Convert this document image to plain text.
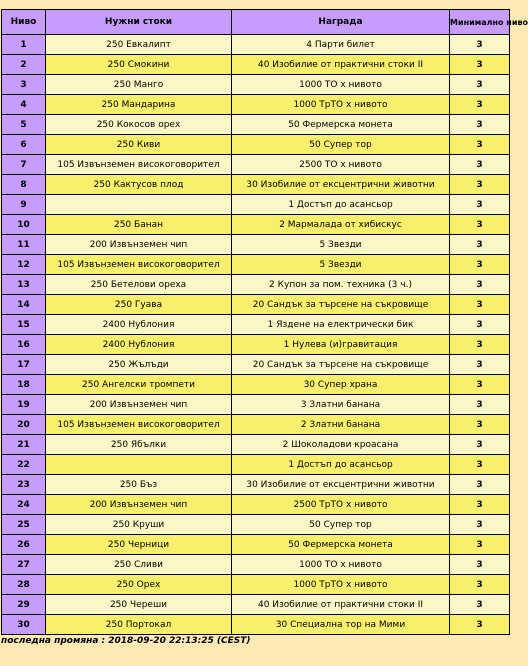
Ниво	Нужни стоки	Награда	Минимално ниво
1	250 Евкалипт	4 Парти билет	3
2	250 Смокини	40 Изобилие от практични стоки II	3
3	250 Манго	1000 ТО x нивото	3
4	250 Мандарина	1000 ТрТО x нивото	3
5	250 Кокосов орех	50 Фермерска монета	3
6	250 Киви	50 Супер тор	3
7	105 Извънземен високоговорител	2500 ТО x нивото	3
8	250 Кактусов плод	30 Изобилие от ексцентрични животни	3
9		1 Достъп до асансьор	3
10	250 Банан	2 Мармалада от хибискус	3
11	200 Извънземен чип	5 Звезди	3
12	105 Извънземен високоговорител	5 Звезди	3
13	250 Бетелови ореха	2 Купон за пом. техника (3 ч.)	3
14	250 Гуава	20 Сандък за търсене на съкровище	3
15	2400 Нублония	1 Яздене на електрически бик	3
16	2400 Нублония	1 Нулева (и)гравитация	3
17	250 Жълъди	20 Сандък за търсене на съкровище	3
18	250 Ангелски тромпети	30 Супер храна	3
19	200 Извънземен чип	3 Златни банана	3
20	105 Извънземен високоговорител	2 Златни банана	3
21	250 Ябълки	2 Шоколадови кроасана	3
22		1 Достъп до асансьор	3
23	250 Бъз	30 Изобилие от ексцентрични животни	3
24	200 Извънземен чип	2500 ТрТО x нивото	3
25	250 Круши	50 Супер тор	3
26	250 Черници	50 Фермерска монета	3
27	250 Сливи	1000 ТО x нивото	3
28	250 Орех	1000 ТрТО x нивото	3
29	250 Череши	40 Изобилие от практични стоки II	3
30	250 Портокал	30 Специална тор на Мими	3
последна промяна : 2018-09-20 22:13:25 (CEST)
